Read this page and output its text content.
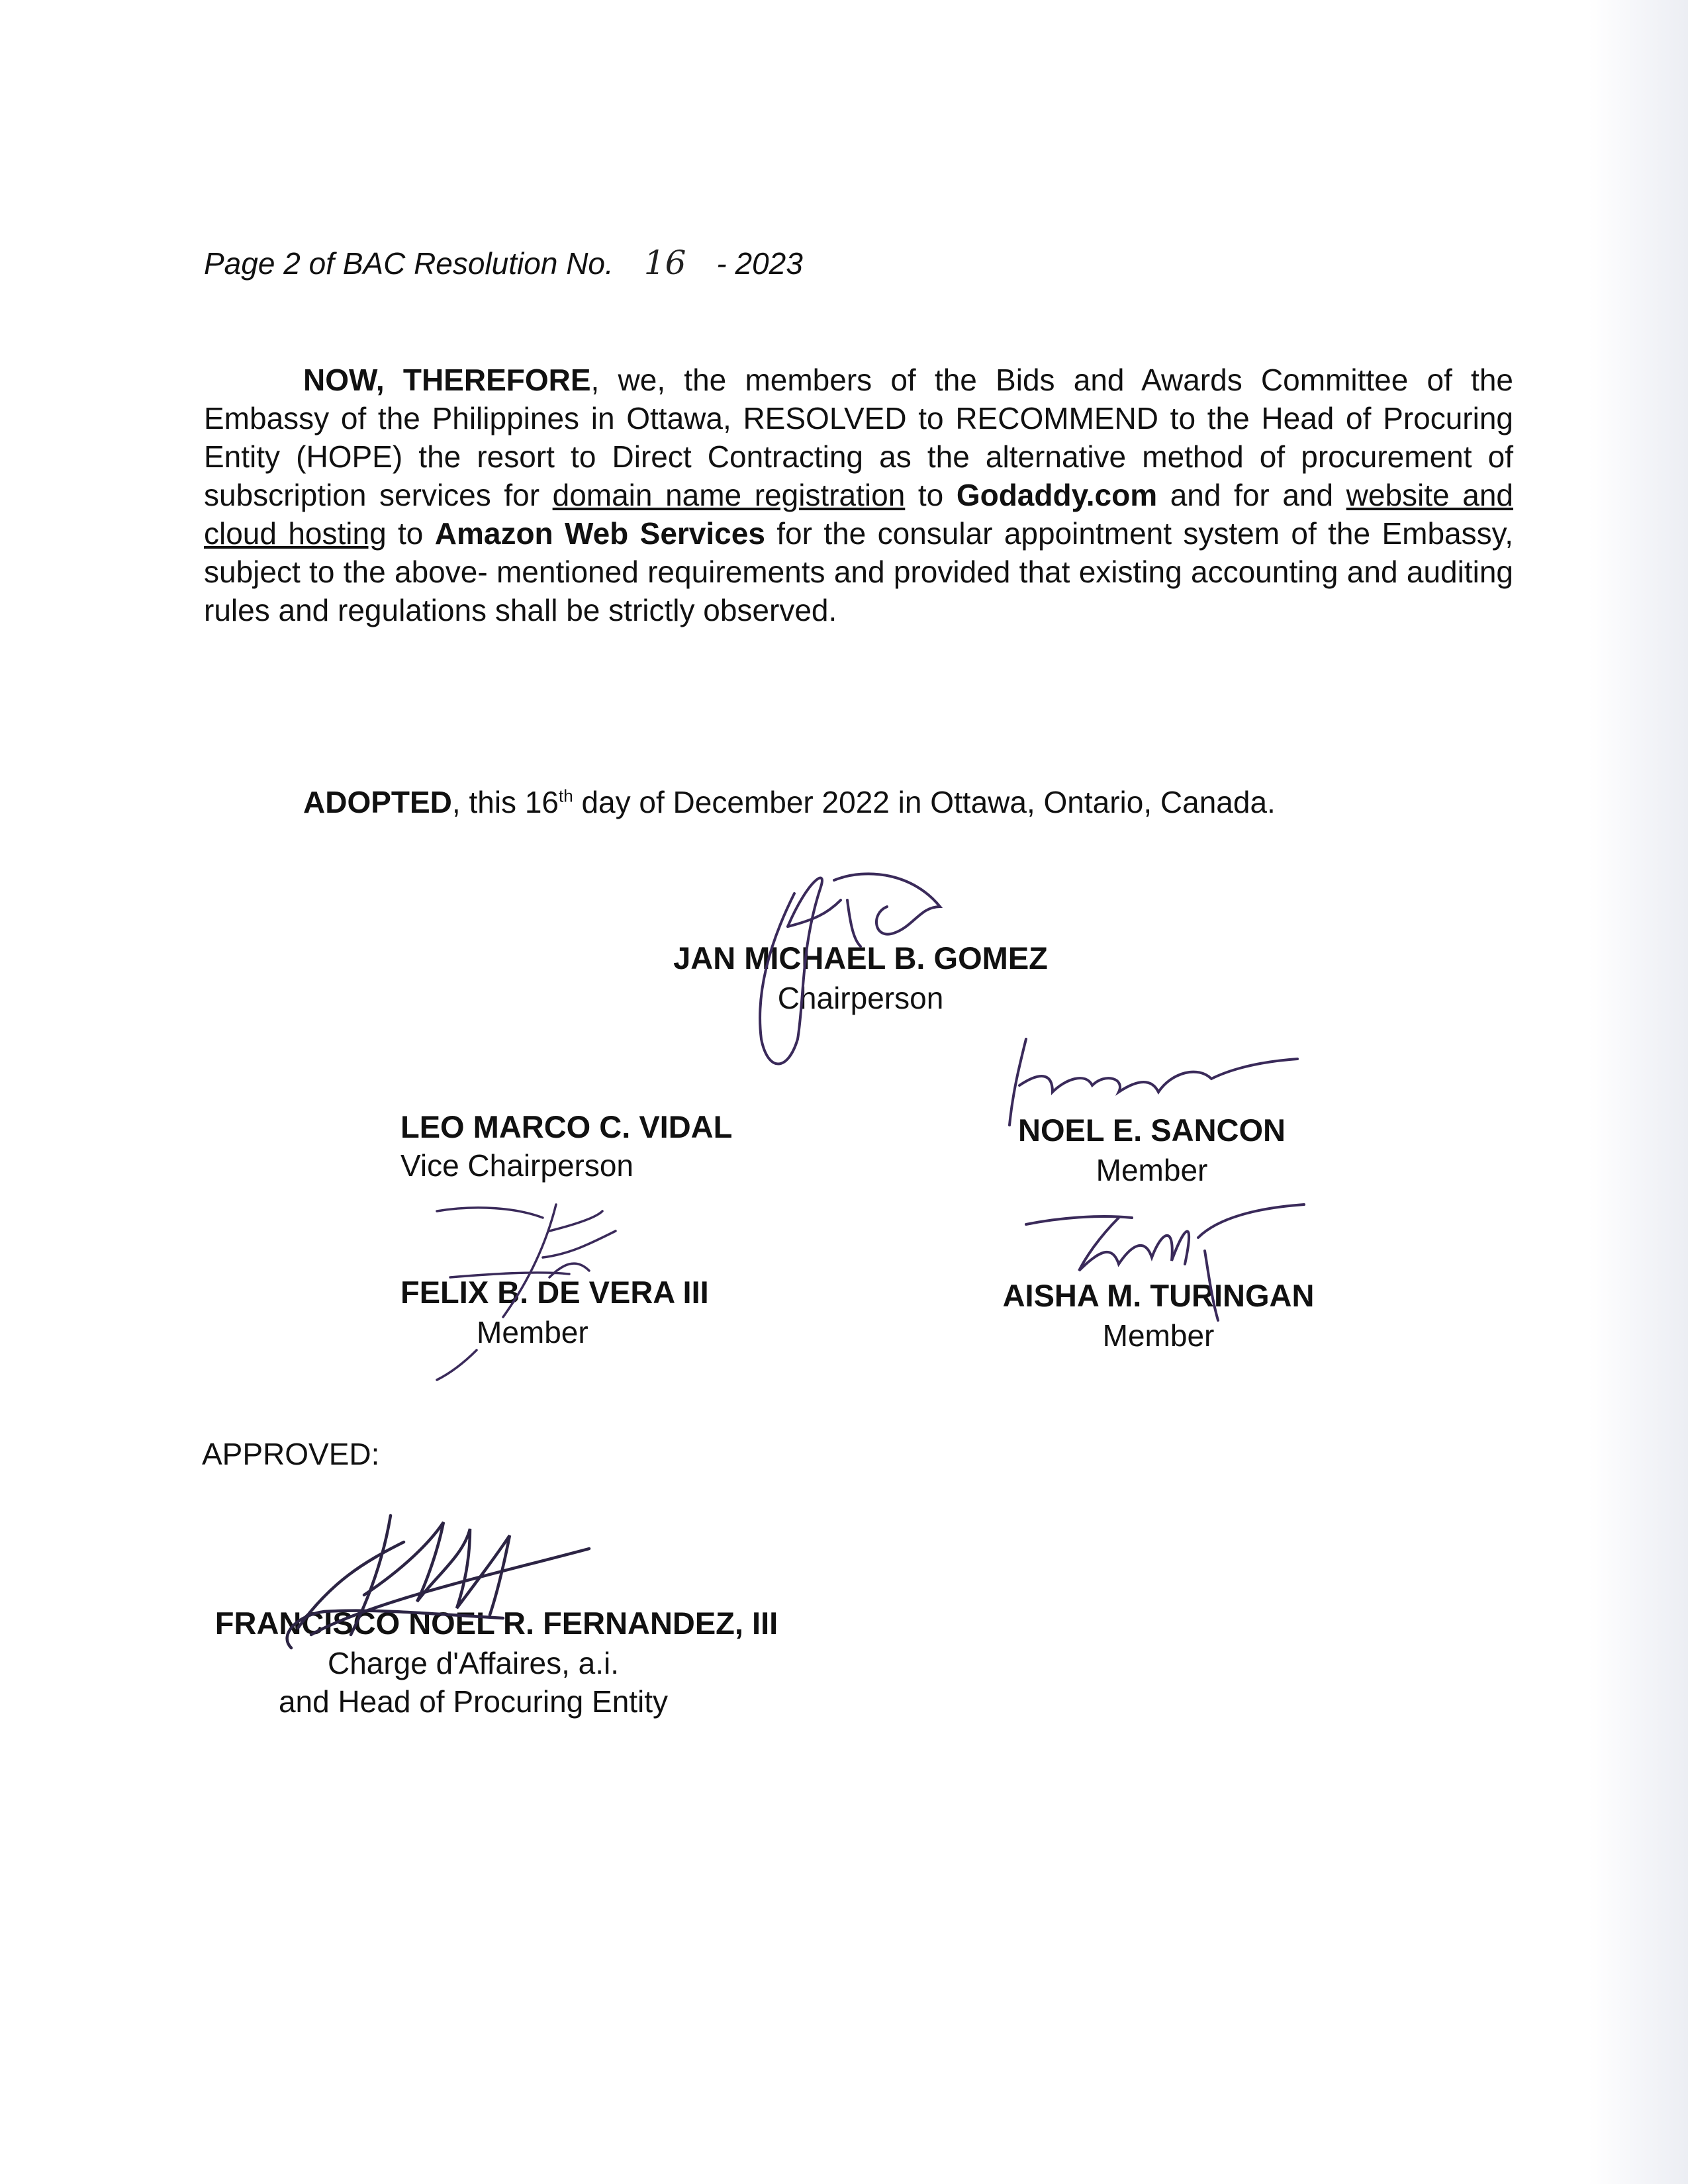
Page 2 of BAC Resolution No. 16 - 2023
NOW, THEREFORE, we, the members of the Bids and Awards Committee of the Embassy of the Philippines in Ottawa, RESOLVED to RECOMMEND to the Head of Procuring Entity (HOPE) the resort to Direct Contracting as the alternative method of procurement of subscription services for domain name registration to Godaddy.com and for and website and cloud hosting to Amazon Web Services for the consular appointment system of the Embassy, subject to the above- mentioned requirements and provided that existing accounting and auditing rules and regulations shall be strictly observed.
ADOPTED, this 16th day of December 2022 in Ottawa, Ontario, Canada.
JAN MICHAEL B. GOMEZ
Chairperson
LEO MARCO C. VIDAL
Vice Chairperson
NOEL E. SANCON
Member
FELIX B. DE VERA III
Member
AISHA M. TURINGAN
Member
APPROVED:
FRANCISCO NOEL R. FERNANDEZ, III
Charge d'Affaires, a.i.
and Head of Procuring Entity
